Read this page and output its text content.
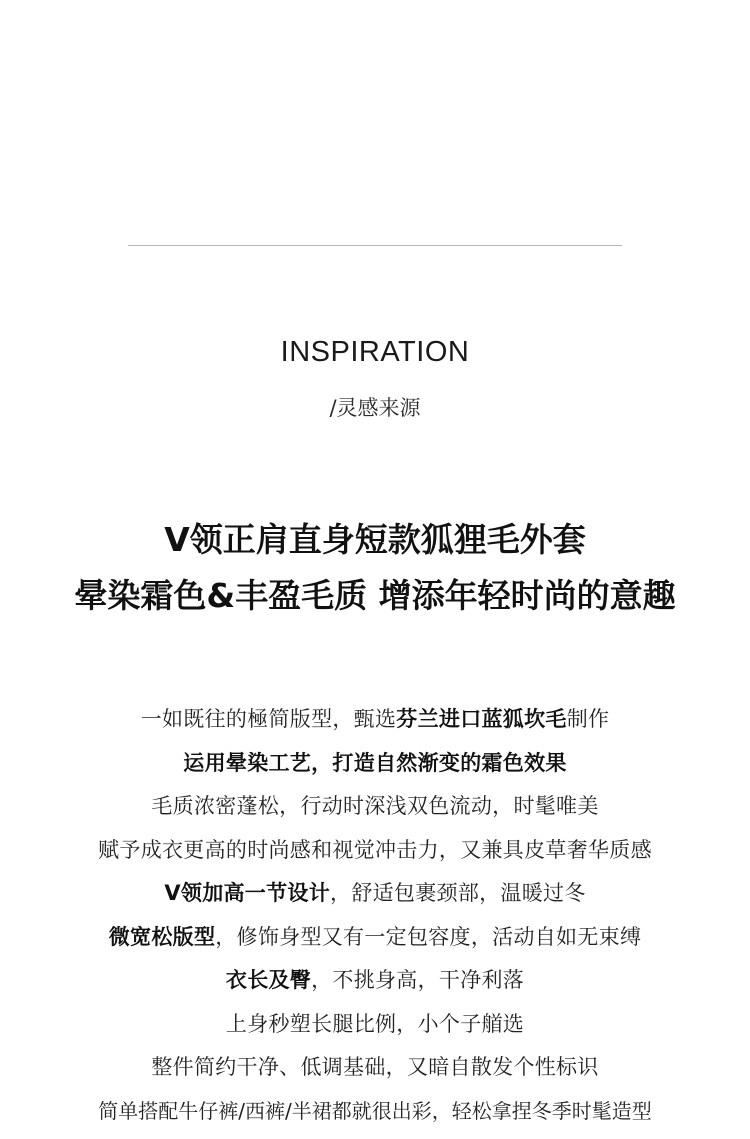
INSPIRATION
/灵感来源
V领正肩直身短款狐狸毛外套
晕染霜色&丰盈毛质 增添年轻时尚的意趣
一如既往的極简版型，甄选芬兰进口蓝狐坎毛制作
运用晕染工艺，打造自然渐变的霜色效果
毛质浓密蓬松，行动时深浅双色流动，时髦唯美
赋予成衣更高的时尚感和视觉冲击力，又兼具皮草奢华质感
V领加高一节设计，舒适包裹颈部，温暖过冬
微宽松版型，修饰身型又有一定包容度，活动自如无束缚
衣长及臀，不挑身高，干净利落
上身秒塑长腿比例，小个子艏选
整件简约干净、低调基础，又暗自散发个性标识
简单搭配牛仔裤/西裤/半裙都就很出彩，轻松拿捏冬季时髦造型
